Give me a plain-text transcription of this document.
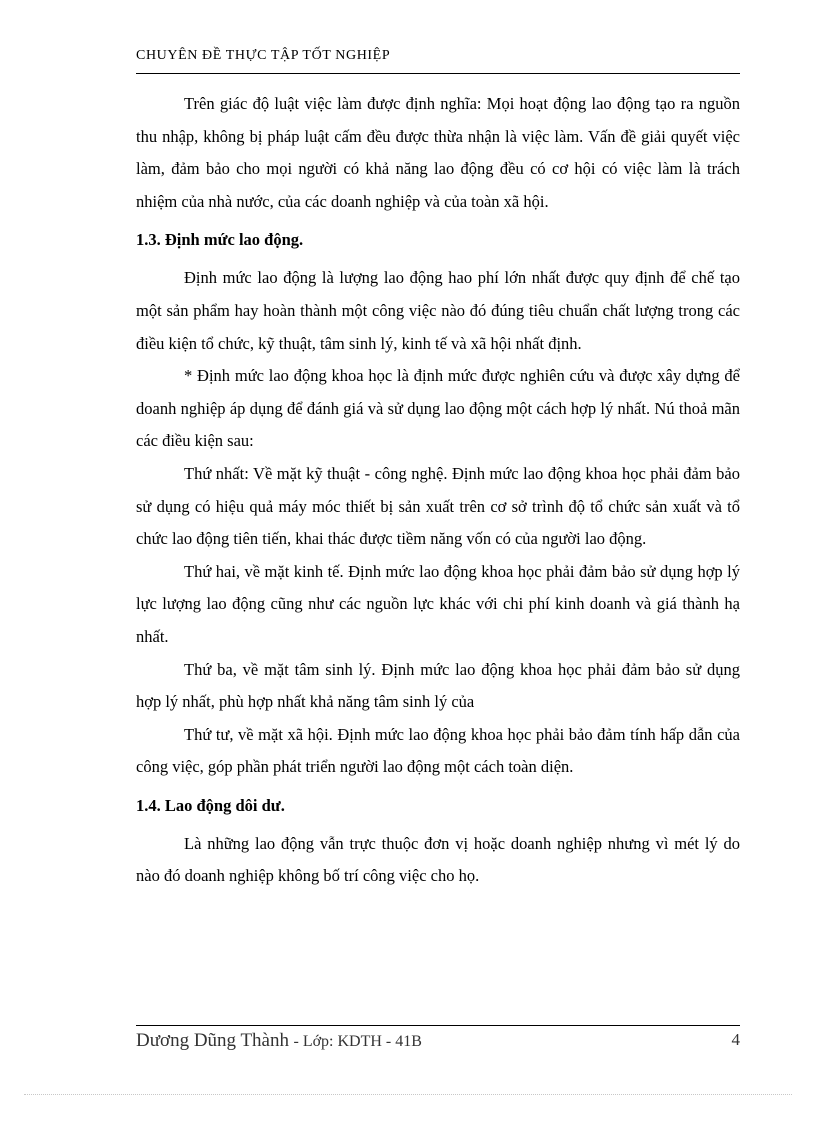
CHUYÊN ĐỀ THỰC TẬP TỐT NGHIỆP

Trên giác độ luật việc làm được định nghĩa: Mọi hoạt động lao động tạo ra nguồn thu nhập, không bị pháp luật cấm đều được thừa nhận là việc làm. Vấn đề giải quyết việc làm, đảm bảo cho mọi người có khả năng lao động đều có cơ hội có việc làm là trách nhiệm của nhà nước, của các doanh nghiệp và của toàn xã hội.

1.3. Định mức lao động.

Định mức lao động là lượng lao động hao phí lớn nhất được quy định để chế tạo một sản phẩm hay hoàn thành một công việc nào đó đúng tiêu chuẩn chất lượng trong các điều kiện tổ chức, kỹ thuật, tâm sinh lý, kinh tế và xã hội nhất định.

* Định mức lao động khoa học là định mức được nghiên cứu và được xây dựng để doanh nghiệp áp dụng để đánh giá và sử dụng lao động một cách hợp lý nhất. Nú thoả mãn các điều kiện sau:

Thứ nhất: Về mặt kỹ thuật - công nghệ. Định mức lao động khoa học phải đảm bảo sử dụng có hiệu quả máy móc thiết bị sản xuất trên cơ sở trình độ tổ chức sản xuất và tổ chức lao động tiên tiến, khai thác được tiềm năng vốn có của người lao động.

Thứ hai, về mặt kinh tế. Định mức lao động khoa học phải đảm bảo sử dụng hợp lý lực lượng lao động cũng như các nguồn lực khác với chi phí kinh doanh và giá thành hạ nhất.

Thứ ba, về mặt tâm sinh lý. Định mức lao động khoa học phải đảm bảo sử dụng hợp lý nhất, phù hợp nhất khả năng tâm sinh lý của

Thứ tư, về mặt xã hội. Định mức lao động khoa học phải bảo đảm tính hấp dẫn của công việc, góp phần phát triển người lao động một cách toàn diện.

1.4. Lao động dôi dư.

Là những lao động vẫn trực thuộc đơn vị hoặc doanh nghiệp nhưng vì mét lý do nào đó doanh nghiệp không bố trí công việc cho họ.

Dương Dũng Thành - Lớp: KDTH - 41B	4
